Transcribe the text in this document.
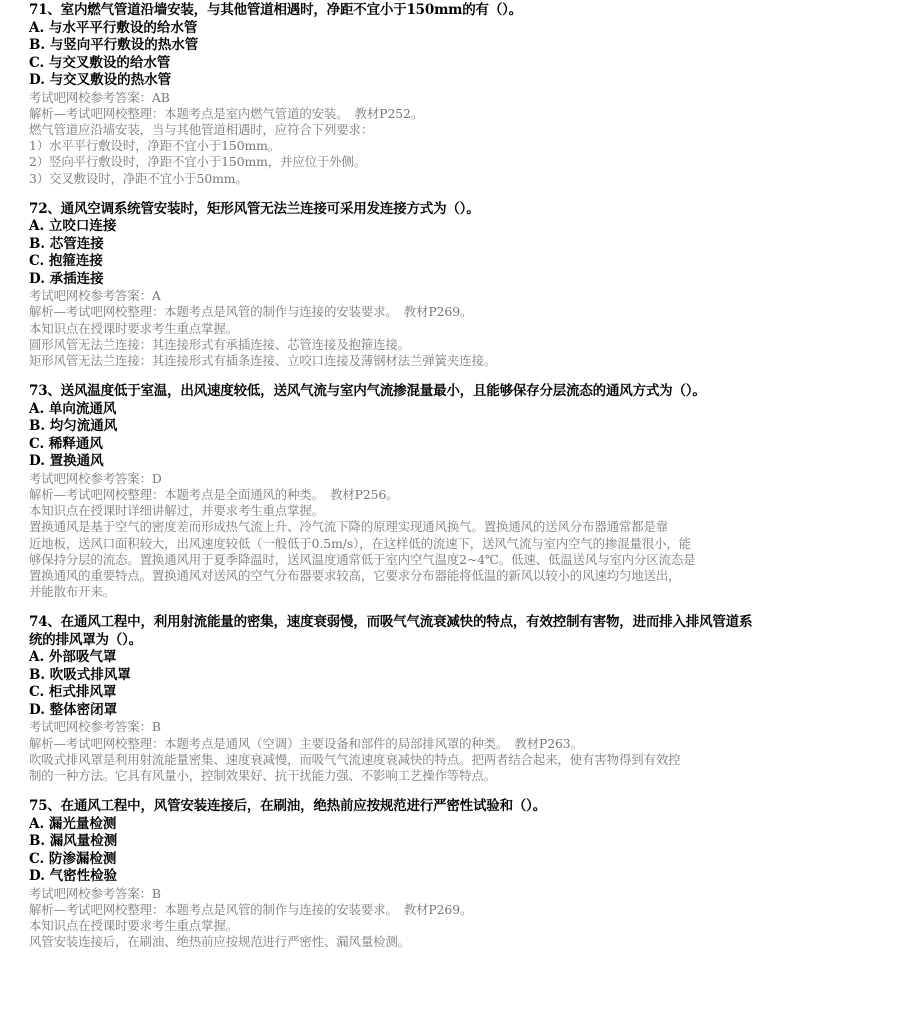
71、室内燃气管道沿墙安装，与其他管道相遇时，净距不宜小于150mm的有（）。
A. 与水平平行敷设的给水管
B. 与竖向平行敷设的热水管
C. 与交叉敷设的给水管
D. 与交叉敷设的热水管
考试吧网校参考答案：AB
解析—考试吧网校整理：本题考点是室内燃气管道的安装。　教材P252。
燃气管道应沿墙安装，当与其他管道相遇时，应符合下列要求：
1）水平平行敷设时，净距不宜小于150mm。
2）竖向平行敷设时，净距不宜小于150mm，并应位于外侧。
3）交叉敷设时，净距不宜小于50mm。
72、通风空调系统管安装时，矩形风管无法兰连接可采用发连接方式为（）。
A. 立咬口连接
B. 芯管连接
C. 抱箍连接
D. 承插连接
考试吧网校参考答案：A
解析—考试吧网校整理：本题考点是风管的制作与连接的安装要求。　教材P269。
本知识点在授课时要求考生重点掌握。
圆形风管无法兰连接：其连接形式有承插连接、芯管连接及抱箍连接。
矩形风管无法兰连接：其连接形式有插条连接、立咬口连接及薄钢材法兰弹簧夹连接。
73、送风温度低于室温，出风速度较低，送风气流与室内气流掺混量最小，且能够保存分层流态的通风方式为（）。
A. 单向流通风
B. 均匀流通风
C. 稀释通风
D. 置换通风
考试吧网校参考答案：D
解析—考试吧网校整理：本题考点是全面通风的种类。　教材P256。
本知识点在授课时详细讲解过，并要求考生重点掌握。
置换通风是基于空气的密度差而形成热气流上升、冷气流下降的原理实现通风换气。置换通风的送风分布器通常都是靠
近地板，送风口面积较大，出风速度较低（一般低于0.5m/s），在这样低的流速下，送风气流与室内空气的掺混量很小，能
够保持分层的流态。置换通风用于夏季降温时，送风温度通常低于室内空气温度2~4℃。低速、低温送风与室内分区流态是
置换通风的重要特点。置换通风对送风的空气分布器要求较高，它要求分布器能将低温的新风以较小的风速均匀地送出，
并能散布开来。
74、在通风工程中，利用射流能量的密集，速度衰弱慢，而吸气气流衰减快的特点，有效控制有害物，进而排入排风管道系
统的排风罩为（）。
A. 外部吸气罩
B. 吹吸式排风罩
C. 柜式排风罩
D. 整体密闭罩
考试吧网校参考答案：B
解析—考试吧网校整理：本题考点是通风（空调）主要设备和部件的局部排风罩的种类。　教材P263。
吹吸式排风罩是利用射流能量密集、速度衰减慢，而吸气气流速度衰减快的特点。把两者结合起来，使有害物得到有效控
制的一种方法。它具有风量小，控制效果好、抗干扰能力强、不影响工艺操作等特点。
75、在通风工程中，风管安装连接后，在刷油，绝热前应按规范进行严密性试验和（）。
A. 漏光量检测
B. 漏风量检测
C. 防渗漏检测
D. 气密性检验
考试吧网校参考答案：B
解析—考试吧网校整理：本题考点是风管的制作与连接的安装要求。　教材P269。
本知识点在授课时要求考生重点掌握。
风管安装连接后，在刷油、绝热前应按规范进行严密性、漏风量检测。
